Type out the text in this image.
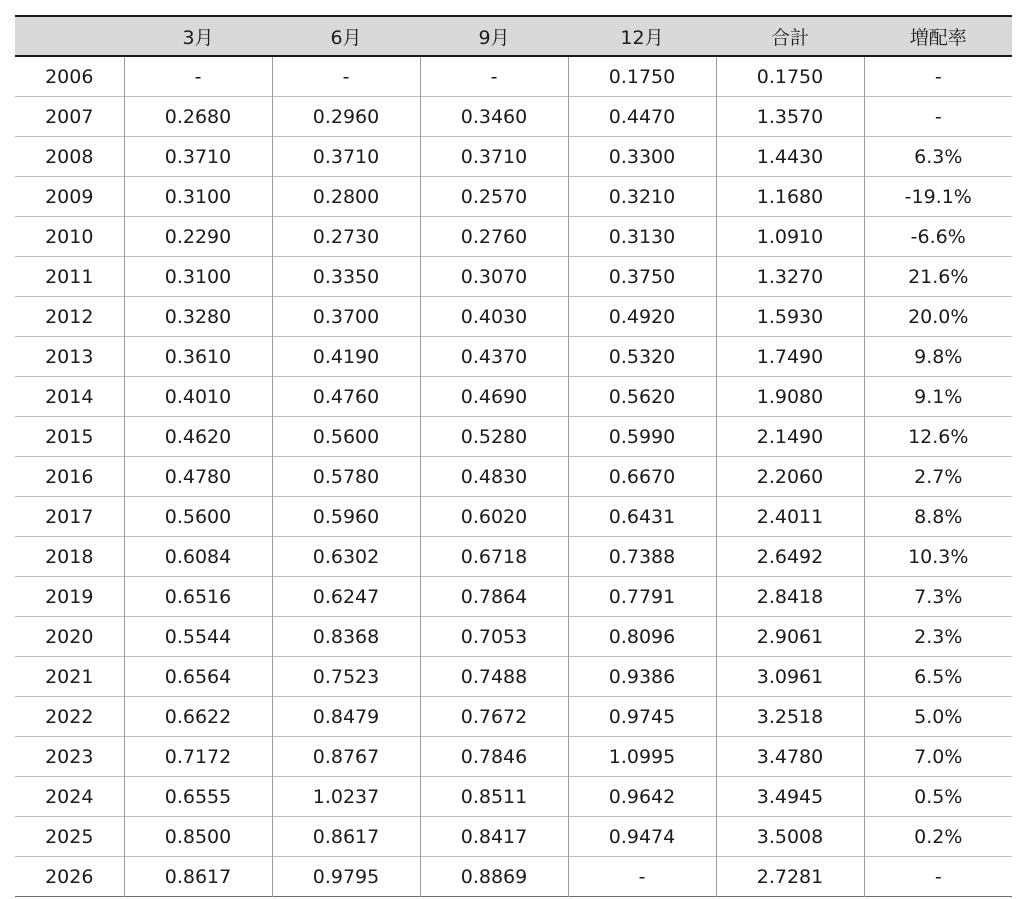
	3月	6月	9月	12月	合計	増配率
2006	-	-	-	0.1750	0.1750	-
2007	0.2680	0.2960	0.3460	0.4470	1.3570	-
2008	0.3710	0.3710	0.3710	0.3300	1.4430	6.3%
2009	0.3100	0.2800	0.2570	0.3210	1.1680	-19.1%
2010	0.2290	0.2730	0.2760	0.3130	1.0910	-6.6%
2011	0.3100	0.3350	0.3070	0.3750	1.3270	21.6%
2012	0.3280	0.3700	0.4030	0.4920	1.5930	20.0%
2013	0.3610	0.4190	0.4370	0.5320	1.7490	9.8%
2014	0.4010	0.4760	0.4690	0.5620	1.9080	9.1%
2015	0.4620	0.5600	0.5280	0.5990	2.1490	12.6%
2016	0.4780	0.5780	0.4830	0.6670	2.2060	2.7%
2017	0.5600	0.5960	0.6020	0.6431	2.4011	8.8%
2018	0.6084	0.6302	0.6718	0.7388	2.6492	10.3%
2019	0.6516	0.6247	0.7864	0.7791	2.8418	7.3%
2020	0.5544	0.8368	0.7053	0.8096	2.9061	2.3%
2021	0.6564	0.7523	0.7488	0.9386	3.0961	6.5%
2022	0.6622	0.8479	0.7672	0.9745	3.2518	5.0%
2023	0.7172	0.8767	0.7846	1.0995	3.4780	7.0%
2024	0.6555	1.0237	0.8511	0.9642	3.4945	0.5%
2025	0.8500	0.8617	0.8417	0.9474	3.5008	0.2%
2026	0.8617	0.9795	0.8869	-	2.7281	-
